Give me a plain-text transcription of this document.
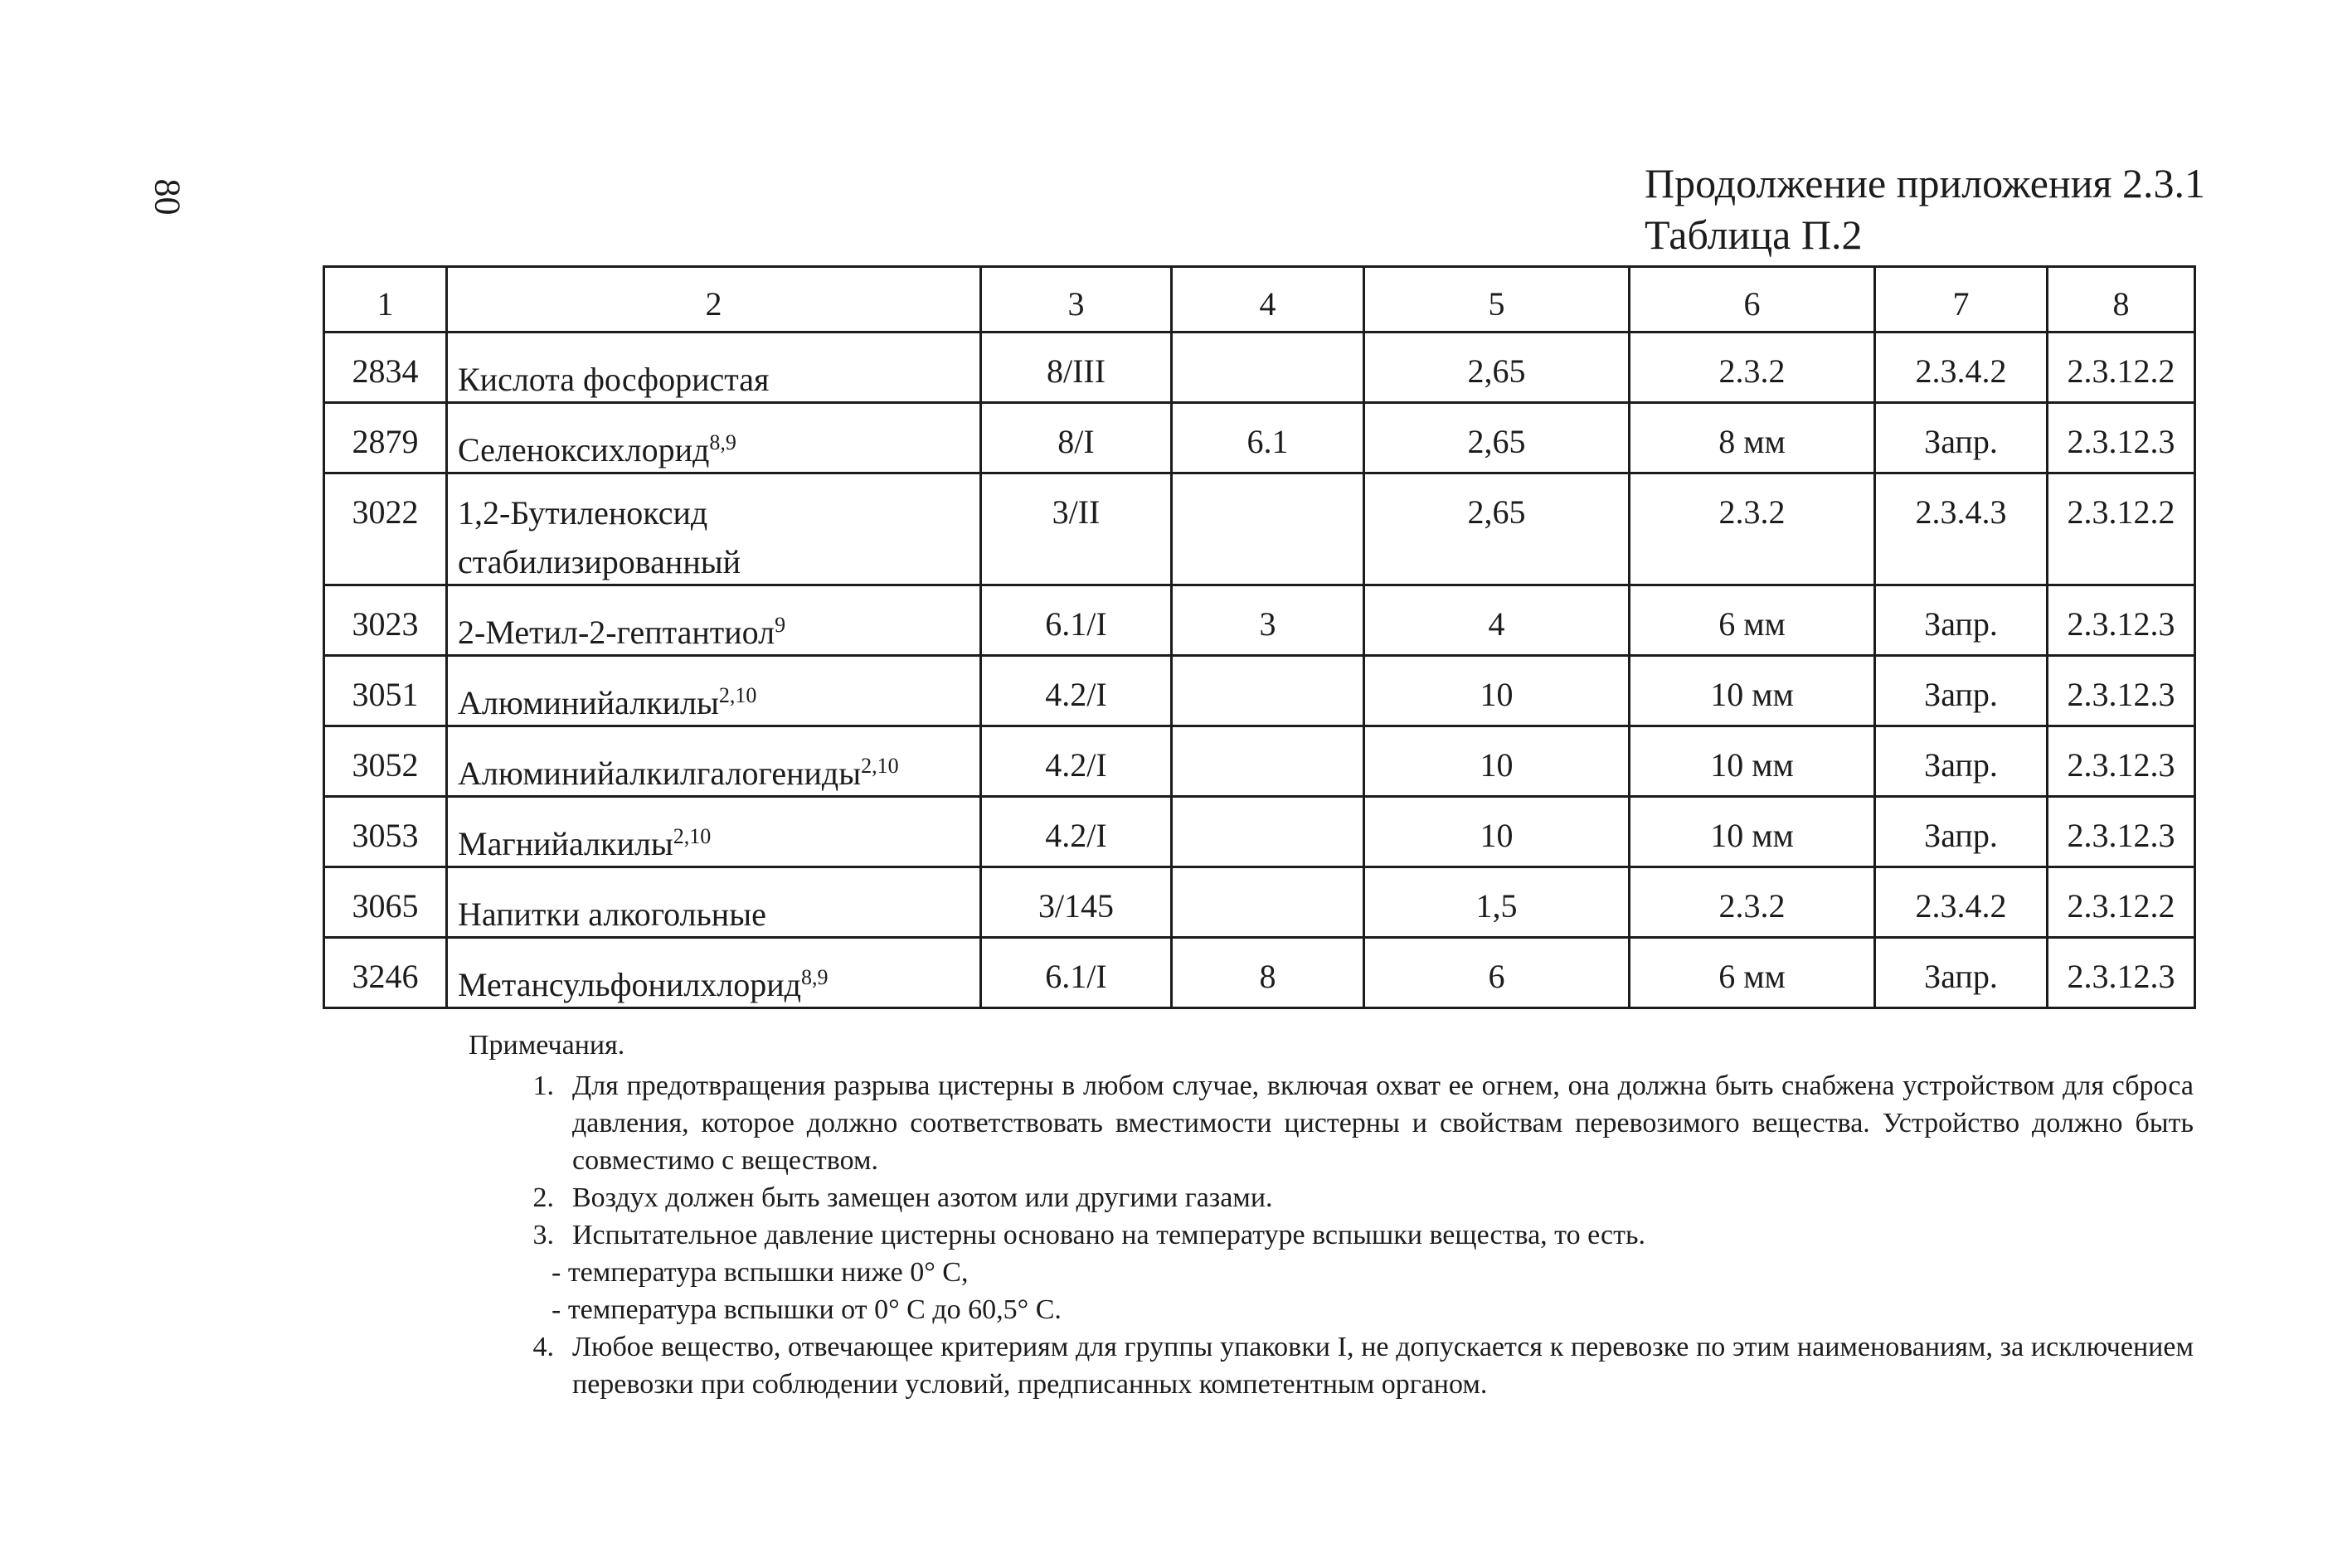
80	Продолжение приложения 2.3.1
Таблица П.2
1	2	3	4	5	6	7	8
2834	Кислота фосфористая	8/III		2,65	2.3.2	2.3.4.2	2.3.12.2
2879	Селеноксихлорид$^{8,9}$	8/I	6.1	2,65	8 мм	Запр.	2.3.12.3
3022	1,2-Бутиленоксид стабилизированный	3/II		2,65	2.3.2	2.3.4.3	2.3.12.2
3023	2-Метил-2-гептантиол$^9$	6.1/I	3	4	6 мм	Запр.	2.3.12.3
3051	Алюминийалкилы$^{2,10}$	4.2/I		10	10 мм	Запр.	2.3.12.3
3052	Алюминийалкилгалогениды$^{2,10}$	4.2/I		10	10 мм	Запр.	2.3.12.3
3053	Магнийалкилы$^{2,10}$	4.2/I		10	10 мм	Запр.	2.3.12.3
3065	Напитки алкогольные	3/145		1,5	2.3.2	2.3.4.2	2.3.12.2
3246	Метансульфонилхлорид$^{8,9}$	6.1/I	8	6	6 мм	Запр.	2.3.12.3
Примечания.
1. Для предотвращения разрыва цистерны в любом случае, включая охват ее огнем, она должна быть снабжена устройством для сброса давления, которое должно соответствовать вместимости цистерны и свойствам перевозимого вещества. Устройство должно быть совместимо с веществом.
2. Воздух должен быть замещен азотом или другими газами.
3. Испытательное давление цистерны основано на температуре вспышки вещества, то есть.
- температура вспышки ниже 0° С,
- температура вспышки от 0° С до 60,5° С.
4. Любое вещество, отвечающее критериям для группы упаковки I, не допускается к перевозке по этим наименованиям, за исключением перевозки при соблюдении условий, предписанных компетентным органом.
